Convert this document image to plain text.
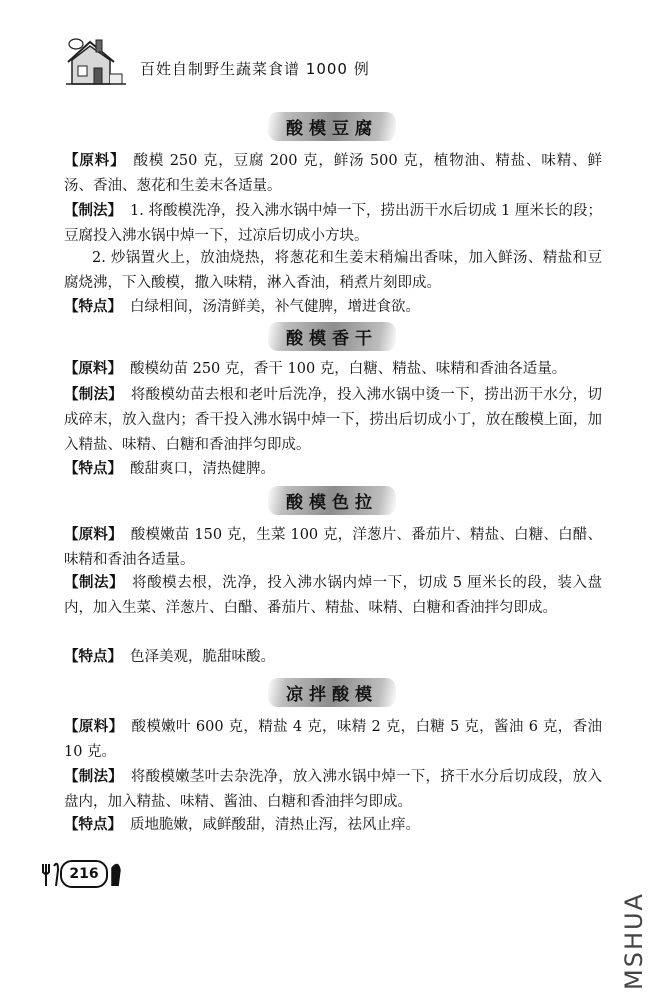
百姓自制野生蔬菜食谱 1000 例
酸模豆腐
【原料】 酸模 250 克，豆腐 200 克，鲜汤 500 克，植物油、精盐、味精、鲜汤、香油、葱花和生姜末各适量。
【制法】 1. 将酸模洗净，投入沸水锅中焯一下，捞出沥干水后切成 1 厘米长的段；豆腐投入沸水锅中焯一下，过凉后切成小方块。
2. 炒锅置火上，放油烧热，将葱花和生姜末稍煸出香味，加入鲜汤、精盐和豆腐烧沸，下入酸模，撒入味精，淋入香油，稍煮片刻即成。
【特点】 白绿相间，汤清鲜美，补气健脾，增进食欲。
酸模香干
【原料】 酸模幼苗 250 克，香干 100 克，白糖、精盐、味精和香油各适量。
【制法】 将酸模幼苗去根和老叶后洗净，投入沸水锅中烫一下，捞出沥干水分，切成碎末，放入盘内；香干投入沸水锅中焯一下，捞出后切成小丁，放在酸模上面，加入精盐、味精、白糖和香油拌匀即成。
【特点】 酸甜爽口，清热健脾。
酸模色拉
【原料】 酸模嫩苗 150 克，生菜 100 克，洋葱片、番茄片、精盐、白糖、白醋、味精和香油各适量。
【制法】 将酸模去根，洗净，投入沸水锅内焯一下，切成 5 厘米长的段，装入盘内，加入生菜、洋葱片、白醋、番茄片、精盐、味精、白糖和香油拌匀即成。
【特点】 色泽美观，脆甜味酸。
凉拌酸模
【原料】 酸模嫩叶 600 克，精盐 4 克，味精 2 克，白糖 5 克，酱油 6 克，香油 10 克。
【制法】 将酸模嫩茎叶去杂洗净，放入沸水锅中焯一下，挤干水分后切成段，放入盘内，加入精盐、味精、酱油、白糖和香油拌匀即成。
【特点】 质地脆嫩，咸鲜酸甜，清热止泻，祛风止痒。
216
MSHUA
